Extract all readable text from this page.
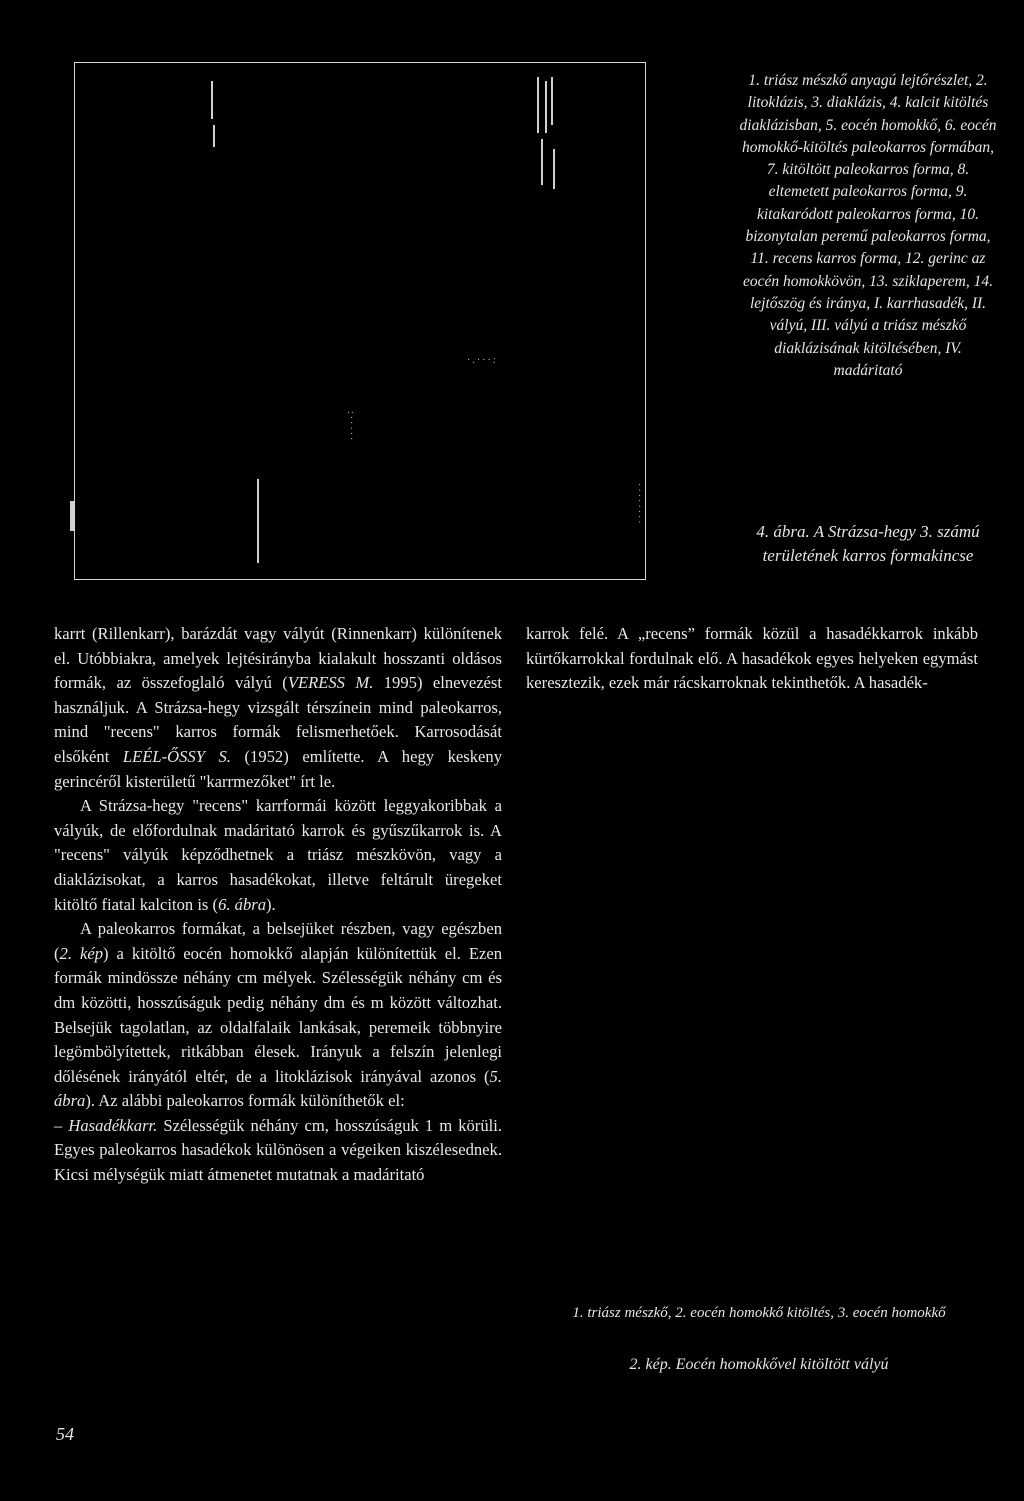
·.···:
:·····
········
1. triász mészkő anyagú lejtőrészlet, 2. litoklázis, 3. diaklázis, 4. kalcit kitöltés diaklázisban, 5. eocén homokkő, 6. eocén homokkő-kitöltés paleokarros formában, 7. kitöltött paleokarros forma, 8. eltemetett paleokarros forma, 9. kitakaródott paleokarros forma, 10. bizonytalan peremű paleokarros forma, 11. recens karros forma, 12. gerinc az eocén homokkövön, 13. sziklaperem, 14. lejtőszög és iránya, I. karrhasadék, II. vályú, III. vályú a triász mészkő diaklázisának kitöltésében, IV. madáritató
4. ábra. A Strázsa-hegy 3. számú területének karros formakincse

karrt (Rillenkarr), barázdát vagy vályút (Rinnenkarr) különítenek el. Utóbbiakra, amelyek lejtésirányba kialakult hosszanti oldásos formák, az összefoglaló vályú (VERESS M. 1995) elnevezést használjuk. A Strázsa-hegy vizsgált térszínein mind paleokarros, mind "recens" karros formák felismerhetőek. Karrosodását elsőként LEÉL-ŐSSY S. (1952) említette. A hegy keskeny gerincéről kisterületű "karrmezőket" írt le.

A Strázsa-hegy "recens" karrformái között leggyakoribbak a vályúk, de előfordulnak madáritató karrok és gyűszűkarrok is. A "recens" vályúk képződhetnek a triász mészkövön, vagy a diaklázisokat, a karros hasadékokat, illetve feltárult üregeket kitöltő fiatal kalciton is (6. ábra).

A paleokarros formákat, a belsejüket részben, vagy egészben (2. kép) a kitöltő eocén homokkő alapján különítettük el. Ezen formák mindössze néhány cm mélyek. Szélességük néhány cm és dm közötti, hosszúságuk pedig néhány dm és m között változhat. Belsejük tagolatlan, az oldalfalaik lankásak, peremeik többnyire legömbölyítettek, ritkábban élesek. Irányuk a felszín jelenlegi dőlésének irányától eltér, de a litoklázisok irányával azonos (5. ábra). Az alábbi paleokarros formák különíthetők el:

– Hasadékkarr. Szélességük néhány cm, hosszúságuk 1 m körüli. Egyes paleokarros hasadékok különösen a végeiken kiszélesednek. Kicsi mélységük miatt átmenetet mutatnak a madáritató

karrok felé. A „recens” formák közül a hasadékkarrok inkább kürtőkarrokkal fordulnak elő. A hasadékok egyes helyeken egymást keresztezik, ezek már rácskarroknak tekinthetők. A hasadék-

1. triász mészkő, 2. eocén homokkő kitöltés, 3. eocén homokkő
2. kép. Eocén homokkővel kitöltött vályú
54
